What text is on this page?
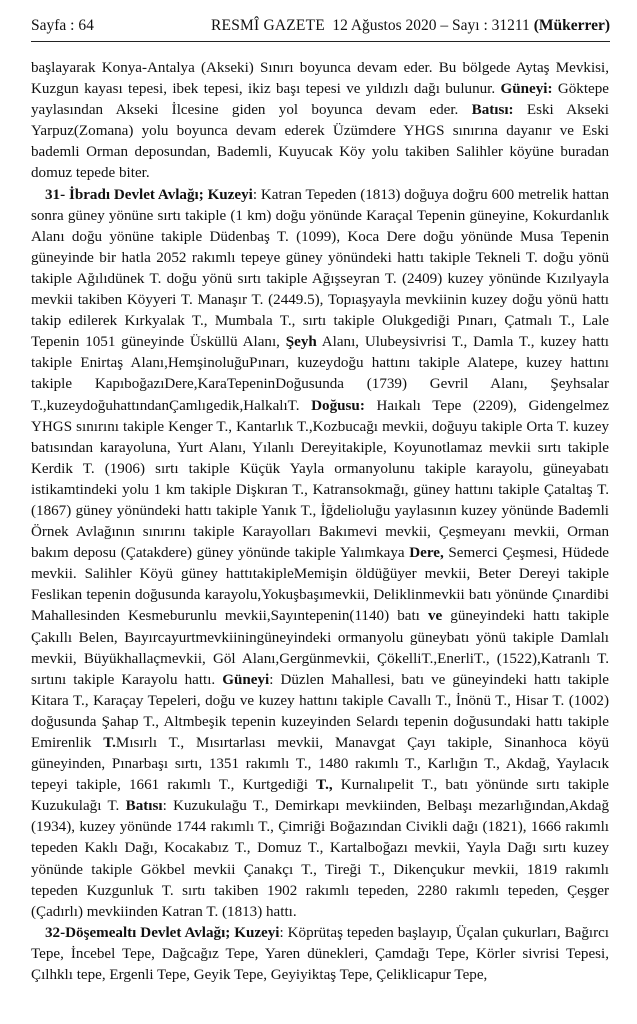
Sayfa : 64	RESMÎ GAZETE 12 Ağustos 2020 – Sayı : 31211 (Mükerrer)

başlayarak Konya-Antalya (Akseki) Sınırı boyunca devam eder. Bu bölgede Aytaş Mevkisi, Kuzgun kayası tepesi, ibek tepesi, ikiz başı tepesi ve yıldızlı dağı bulunur. Güneyi: Göktepe yaylasından Akseki İlcesine giden yol boyunca devam eder. Batısı: Eski Akseki Yarpuz(Zomana) yolu boyunca devam ederek Üzümdere YHGS sınırına dayanır ve Eski bademli Orman deposundan, Bademli, Kuyucak Köy yolu takiben Salihler köyüne buradan domuz tepede biter.

31- İbradı Devlet Avlağı; Kuzeyi: Katran Tepeden (1813) doğuya doğru 600 metrelik hattan sonra güney yönüne sırtı takiple (1 km) doğu yönünde Karaçal Tepenin güneyine, Kokurdanlık Alanı doğu yönüne takiple Düdenbaş T. (1099), Koca Dere doğu yönünde Musa Tepenin güneyinde bir hatla 2052 rakımlı tepeye güney yönündeki hattı takiple Tekneli T. doğu yönü takiple Ağılıdünek T. doğu yönü sırtı takiple Ağışseyran T. (2409) kuzey yönünde Kızılyayla mevkii takiben Köyyeri T. Manaşır T. (2449.5), Topıaşyayla mevkiinin kuzey doğu yönü hattı takip edilerek Kırkyalak T., Mumbala T., sırtı takiple Olukgediği Pınarı, Çatmalı T., Lale Tepenin 1051 güneyinde Üsküllü Alanı, Şeyh Alanı, Ulubeysivrisi T., Damla T., kuzey hattı takiple Enirtaş Alanı,HemşinoluğuPınarı, kuzeydoğu hattını takiple Alatepe, kuzey hattını takiple KapıboğazıDere,KaraTepeninDoğusunda (1739) Gevril Alanı, Şeyhsalar T.,kuzeydoğuhattındanÇamlıgedik,HalkalıT. Doğusu: Haıkalı Tepe (2209), Gidengelmez YHGS sınırını takiple Kenger T., Kantarlık T.,Kozbucağı mevkii, doğuyu takiple Orta T. kuzey batısından karayoluna, Yurt Alanı, Yılanlı Dereyitakiple, Koyunotlamaz mevkii sırtı takiple Kerdik T. (1906) sırtı takiple Küçük Yayla ormanyolunu takiple karayolu, güneyabatı istikamtindeki yolu 1 km takiple Dişkıran T., Katransokmağı, güney hattını takiple Çataltaş T. (1867) güney yönündeki hattı takiple Yanık T., İğdelioluğu yaylasının kuzey yönünde Bademli Örnek Avlağının sınırını takiple Karayolları Bakımevi mevkii, Çeşmeyanı mevkii, Orman bakım deposu (Çatakdere) güney yönünde takiple Yalımkaya Dere, Semerci Çeşmesi, Hüdede mevkii. Salihler Köyü güney hattıtakipleMemişin öldüğüyer mevkii, Beter Dereyi takiple Feslikan tepenin doğusunda karayolu,Yokuşbaşımevkii, Deliklinmevkii batı yönünde Çınardibi Mahallesinden Kesmeburunlu mevkii,Sayıntepenin(1140) batı ve güneyindeki hattı takiple Çakıllı Belen, Bayırcayurtmevkiiningüneyindeki ormanyolu güneybatı yönü takiple Damlalı mevkii, Büyükhallaçmevkii, Göl Alanı,Gergünmevkii, ÇökelliT.,EnerliT., (1522),Katranlı T. sırtını takiple Karayolu hattı. Güneyi: Düzlen Mahallesi, batı ve güneyindeki hattı takiple Kitara T., Karaçay Tepeleri, doğu ve kuzey hattını takiple Cavallı T., İnönü T., Hisar T. (1002) doğusunda Şahap T., Altmbeşik tepenin kuzeyinden Selardı tepenin doğusundaki hattı takiple Emirenlik T.Mısırlı T., Mısırtarlası mevkii, Manavgat Çayı takiple, Sinanhoca köyü güneyinden, Pınarbaşı sırtı, 1351 rakımlı T., 1480 rakımlı T., Karlığın T., Akdağ, Yaylacık tepeyi takiple, 1661 rakımlı T., Kurtgediği T., Kurnalıpelit T., batı yönünde sırtı takiple Kuzukulağı T. Batısı: Kuzukulağu T., Demirkapı mevkiinden, Belbaşı mezarlığından,Akdağ (1934), kuzey yönünde 1744 rakımlı T., Çimriği Boğazından Civikli dağı (1821), 1666 rakımlı tepeden Kaklı Dağı, Kocakabız T., Domuz T., Kartalboğazı mevkii, Yayla Dağı sırtı kuzey yönünde takiple Gökbel mevkii Çanakçı T., Tireği T., Dikençukur mevkii, 1819 rakımlı tepeden Kuzgunluk T. sırtı takiben 1902 rakımlı tepeden, 2280 rakımlı tepeden, Çeşger (Çadırlı) mevkiinden Katran T. (1813) hattı.

32-Döşemealtı Devlet Avlağı; Kuzeyi: Köprütaş tepeden başlayıp, Üçalan çukurları, Bağırcı Tepe, İncebel Tepe, Dağcağız Tepe, Yaren dünekleri, Çamdağı Tepe, Körler sivrisi Tepesi, Çılhklı tepe, Ergenli Tepe, Geyik Tepe, Geyiyiktaş Tepe, Çeliklicapur Tepe,
